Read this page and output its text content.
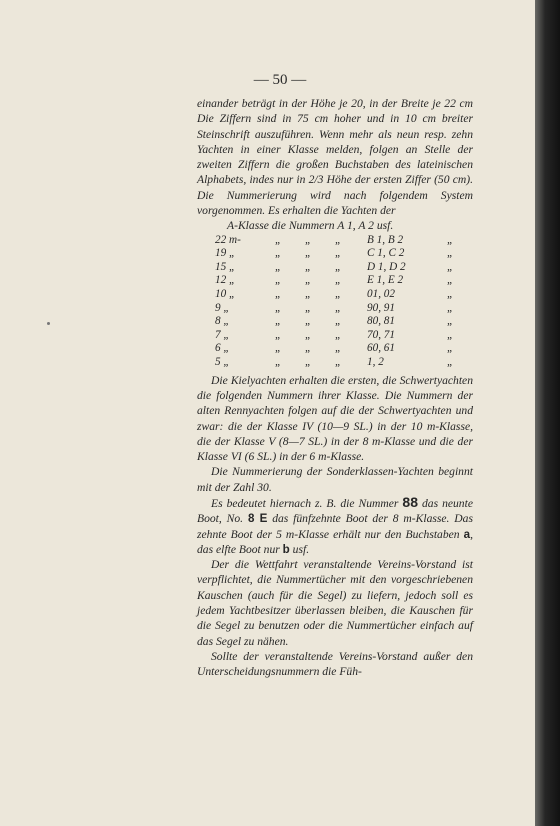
— 50 —

einander beträgt in der Höhe je 20, in der Breite je 22 cm Die Ziffern sind in 75 cm hoher und in 10 cm breiter Steinschrift auszuführen. Wenn mehr als neun resp. zehn Yachten in einer Klasse melden, folgen an Stelle der zweiten Ziffern die großen Buchstaben des lateinischen Alphabets, indes nur in 2/3 Höhe der ersten Ziffer (50 cm). Die Nummerierung wird nach folgendem System vorgenommen. Es erhalten die Yachten der

A-Klasse die Nummern A 1, A 2 usf.

22 m-	„	„	„	B 1, B 2	„
19 „	„	„	„	C 1, C 2	„
15 „	„	„	„	D 1, D 2	„
12 „	„	„	„	E 1, E 2	„
10 „	„	„	„	01, 02	„
9 „	„	„	„	90, 91	„
8 „	„	„	„	80, 81	„
7 „	„	„	„	70, 71	„
6 „	„	„	„	60, 61	„
5 „	„	„	„	1, 2	„

Die Kielyachten erhalten die ersten, die Schwertyachten die folgenden Nummern ihrer Klasse. Die Nummern der alten Rennyachten folgen auf die der Schwertyachten und zwar: die der Klasse IV (10—9 SL.) in der 10 m-Klasse, die der Klasse V (8—7 SL.) in der 8 m-Klasse und die der Klasse VI (6 SL.) in der 6 m-Klasse.

Die Nummerierung der Sonderklassen-Yachten beginnt mit der Zahl 30.

Es bedeutet hiernach z. B. die Nummer 88 das neunte Boot, No. 8 E das fünfzehnte Boot der 8 m-Klasse. Das zehnte Boot der 5 m-Klasse erhält nur den Buchstaben a, das elfte Boot nur b usf.

Der die Wettfahrt veranstaltende Vereins-Vorstand ist verpflichtet, die Nummertücher mit den vorgeschriebenen Kauschen (auch für die Segel) zu liefern, jedoch soll es jedem Yachtbesitzer überlassen bleiben, die Kauschen für die Segel zu benutzen oder die Nummertücher einfach auf das Segel zu nähen.

Sollte der veranstaltende Vereins-Vorstand außer den Unterscheidungsnummern die Füh-
